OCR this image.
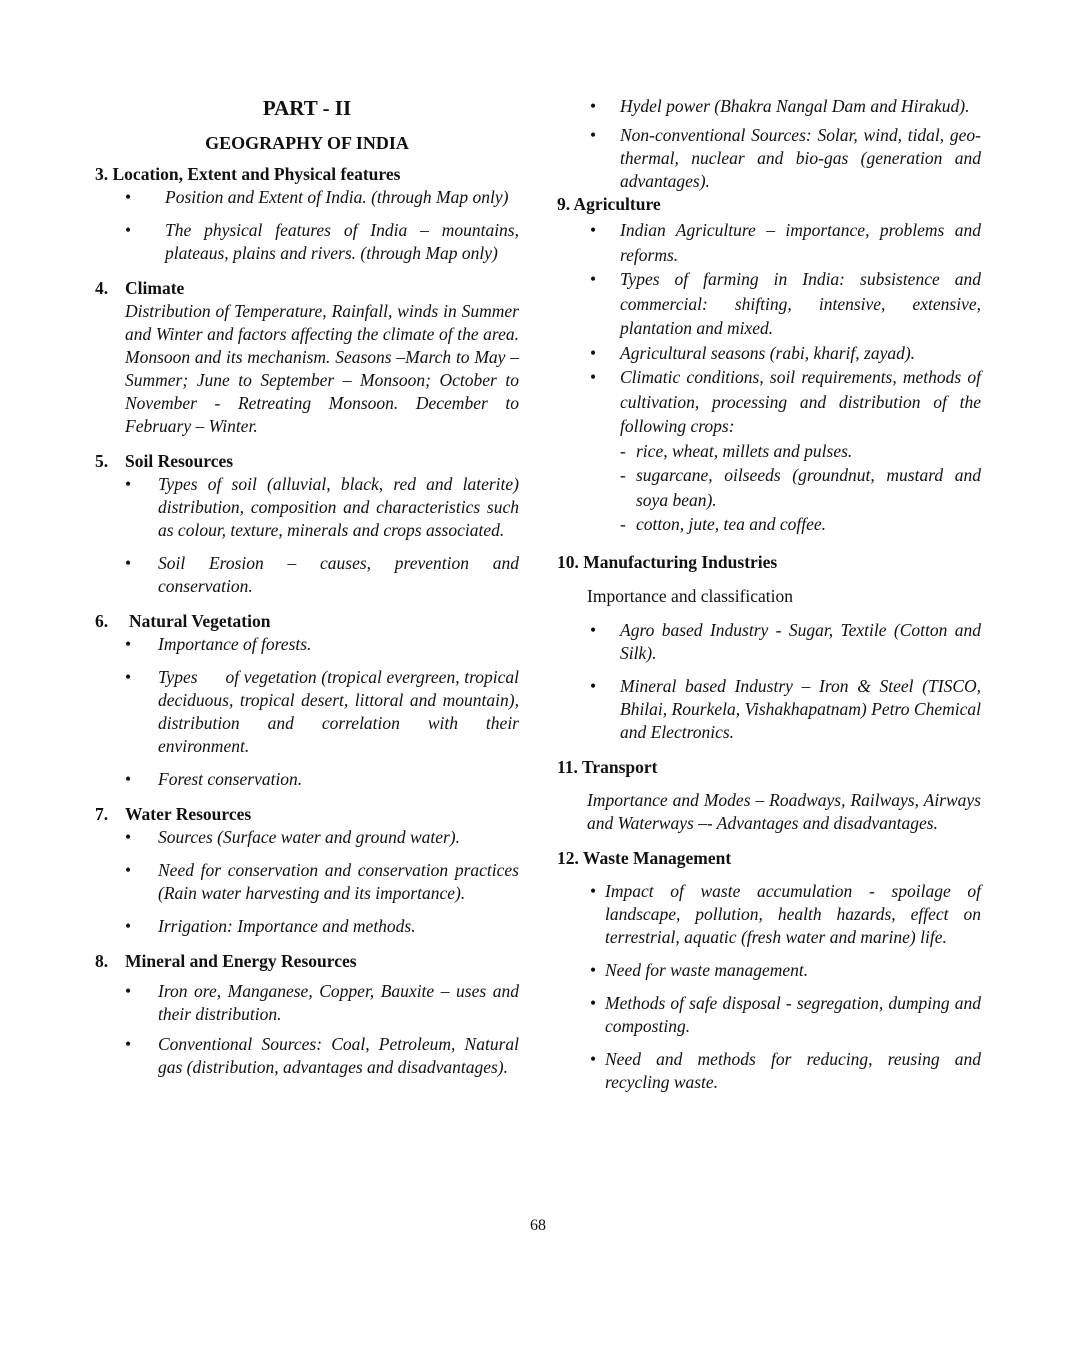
PART - II
GEOGRAPHY OF INDIA
3. Location, Extent and Physical features
• Position and Extent of India. (through Map only)
• The physical features of India – mountains, plateaus, plains and rivers. (through Map only)
4. Climate
Distribution of Temperature, Rainfall, winds in Summer and Winter and factors affecting the climate of the area. Monsoon and its mechanism. Seasons –March to May – Summer; June to September – Monsoon; October to November - Retreating Monsoon. December to February – Winter.
5. Soil Resources
• Types of soil (alluvial, black, red and laterite) distribution, composition and characteristics such as colour, texture, minerals and crops associated.
• Soil Erosion – causes, prevention and conservation.
6. Natural Vegetation
• Importance of forests.
• Types      of vegetation (tropical evergreen, tropical deciduous, tropical desert, littoral and mountain), distribution and correlation with their environment.
• Forest conservation.
7. Water Resources
• Sources (Surface water and ground water).
• Need for conservation and conservation practices (Rain water harvesting and its importance).
• Irrigation: Importance and methods.
8. Mineral and Energy Resources
• Iron ore, Manganese, Copper, Bauxite – uses and their distribution.
• Conventional Sources: Coal, Petroleum, Natural gas (distribution, advantages and disadvantages).
• Hydel power (Bhakra Nangal Dam and Hirakud).
• Non-conventional Sources: Solar, wind, tidal, geo-thermal, nuclear and bio-gas (generation and advantages).
9. Agriculture
• Indian Agriculture – importance, problems and reforms.
• Types of farming in India: subsistence and commercial: shifting, intensive, extensive, plantation and mixed.
• Agricultural seasons (rabi, kharif, zayad).
• Climatic conditions, soil requirements, methods of cultivation, processing and distribution of the following crops:
- rice, wheat, millets and pulses.
- sugarcane, oilseeds (groundnut, mustard and soya bean).
- cotton, jute, tea and coffee.
10. Manufacturing Industries
Importance and classification
• Agro based Industry - Sugar, Textile (Cotton and Silk).
• Mineral based Industry – Iron & Steel (TISCO, Bhilai, Rourkela, Vishakhapatnam) Petro Chemical and Electronics.
11. Transport
Importance and Modes – Roadways, Railways, Airways and Waterways –- Advantages and disadvantages.
12. Waste Management
• Impact of waste accumulation - spoilage of landscape, pollution, health hazards, effect on terrestrial, aquatic (fresh water and marine) life.
• Need for waste management.
• Methods of safe disposal - segregation, dumping and composting.
• Need and methods for reducing, reusing and recycling waste.
68
